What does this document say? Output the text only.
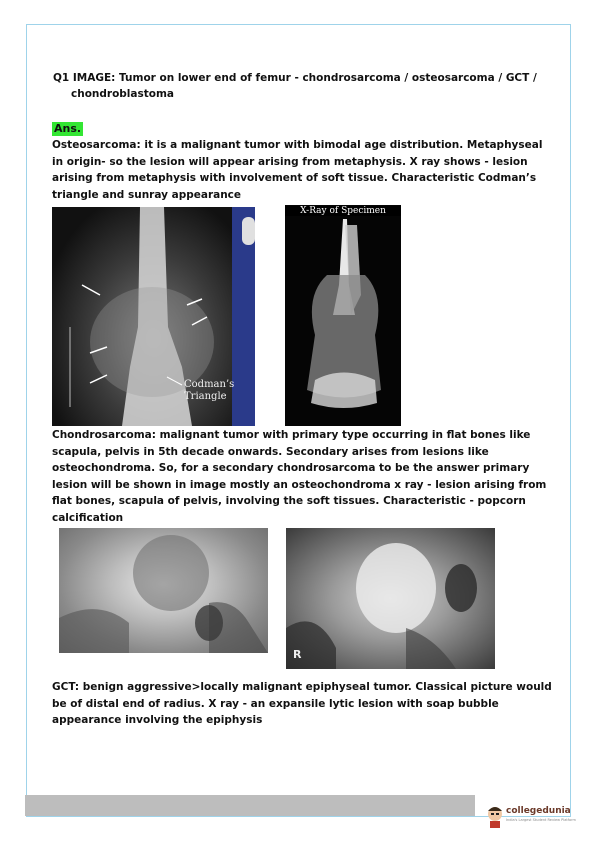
Q1 IMAGE: Tumor on lower end of femur - chondrosarcoma / osteosarcoma / GCT /
chondroblastoma
Ans.
Osteosarcoma: it is a malignant tumor with bimodal age distribution. Metaphyseal in origin- so the lesion will appear arising from metaphysis. X ray shows - lesion arising from metaphysis with involvement of soft tissue. Characteristic Codman’s triangle and sunray appearance
Codman’s
Triangle
X-Ray of Specimen
Chondrosarcoma: malignant tumor with primary type occurring in flat bones like scapula, pelvis in 5th decade onwards. Secondary arises from lesions like osteochondroma. So, for a secondary chondrosarcoma to be the answer primary lesion will be shown in image mostly an osteochondroma x ray - lesion arising from flat bones, scapula of pelvis, involving the soft tissues. Characteristic - popcorn calcification
R
GCT: benign aggressive>locally malignant epiphyseal tumor. Classical picture would be of distal end of radius. X ray - an expansile lytic lesion with soap bubble appearance involving the epiphysis
collegedunia
India's Largest Student Review Platform
